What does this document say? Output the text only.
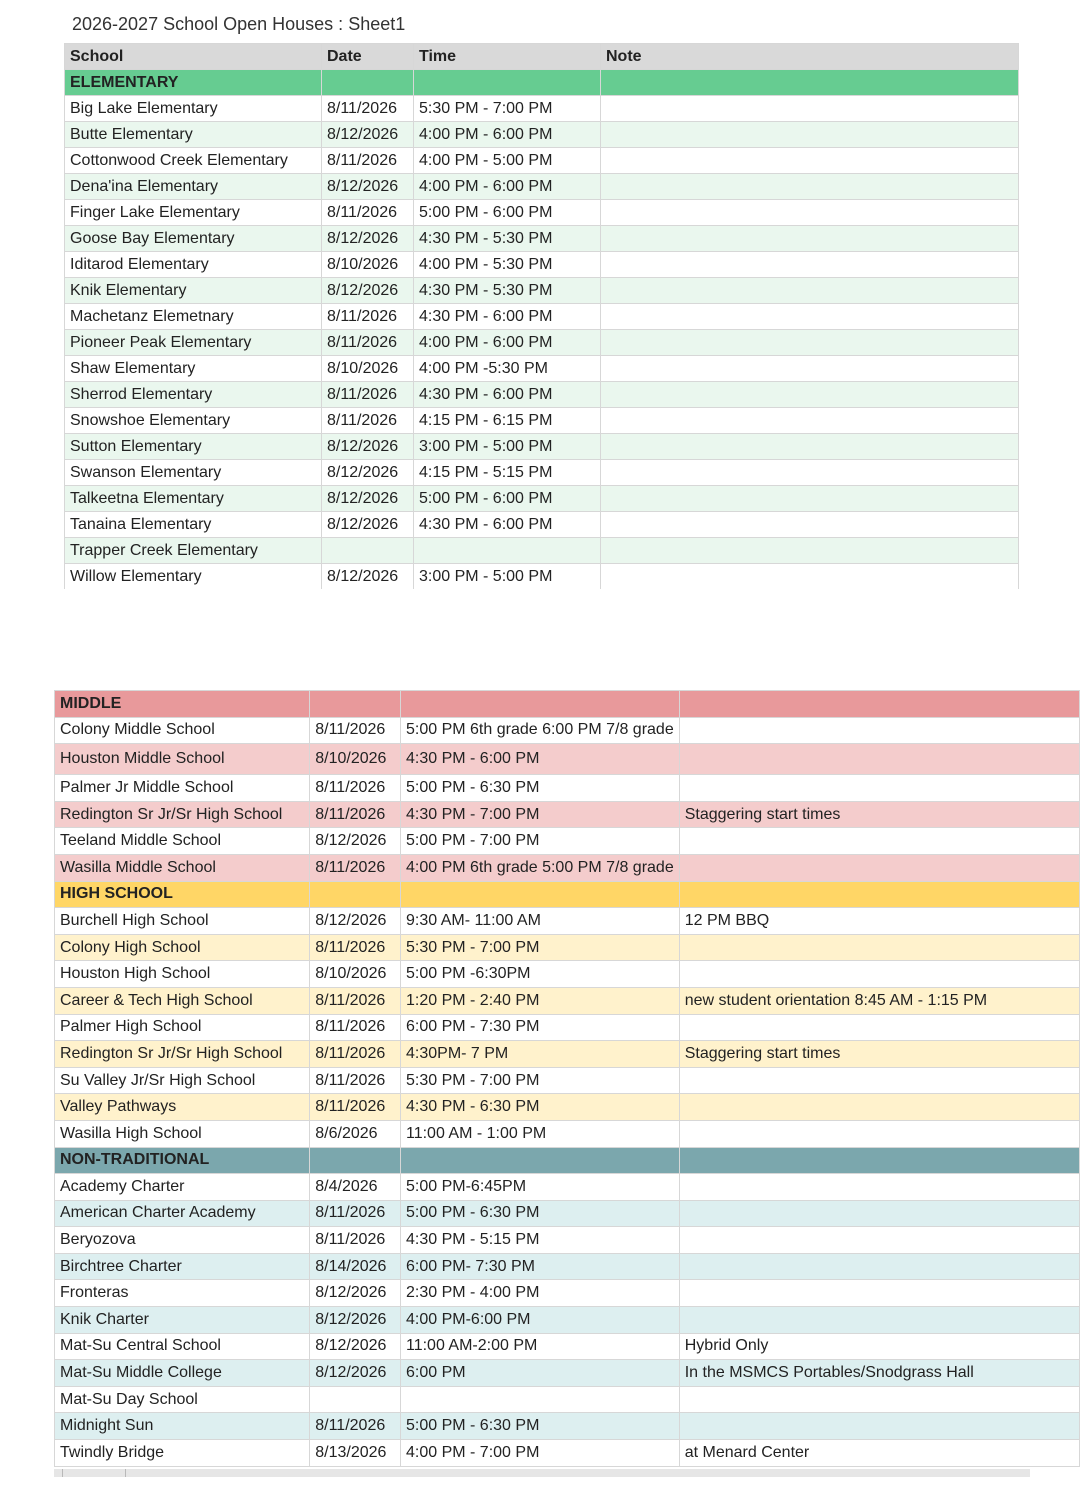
2026-2027 School Open Houses : Sheet1
School	Date	Time	Note
ELEMENTARY			
Big Lake Elementary	8/11/2026	5:30 PM - 7:00 PM	
Butte Elementary	8/12/2026	4:00 PM - 6:00 PM	
Cottonwood Creek Elementary	8/11/2026	4:00 PM - 5:00 PM	
Dena'ina Elementary	8/12/2026	4:00 PM - 6:00 PM	
Finger Lake Elementary	8/11/2026	5:00 PM - 6:00 PM	
Goose Bay Elementary	8/12/2026	4:30 PM - 5:30 PM	
Iditarod Elementary	8/10/2026	4:00 PM - 5:30 PM	
Knik Elementary	8/12/2026	4:30 PM - 5:30 PM	
Machetanz Elemetnary	8/11/2026	4:30 PM - 6:00 PM	
Pioneer Peak Elementary	8/11/2026	4:00 PM - 6:00 PM	
Shaw Elementary	8/10/2026	4:00 PM -5:30 PM	
Sherrod Elementary	8/11/2026	4:30 PM - 6:00 PM	
Snowshoe Elementary	8/11/2026	4:15 PM - 6:15 PM	
Sutton Elementary	8/12/2026	3:00 PM - 5:00 PM	
Swanson Elementary	8/12/2026	4:15 PM - 5:15 PM	
Talkeetna Elementary	8/12/2026	5:00 PM - 6:00 PM	
Tanaina Elementary	8/12/2026	4:30 PM - 6:00 PM	
Trapper Creek Elementary			
Willow Elementary	8/12/2026	3:00 PM - 5:00 PM	
MIDDLE			
Colony Middle School	8/11/2026	5:00 PM 6th grade 6:00 PM 7/8 grade	
Houston Middle School	8/10/2026	4:30 PM - 6:00 PM	
Palmer Jr Middle School	8/11/2026	5:00 PM - 6:30 PM	
Redington Sr Jr/Sr High School	8/11/2026	4:30 PM - 7:00 PM	Staggering start times
Teeland Middle School	8/12/2026	5:00 PM - 7:00 PM	
Wasilla Middle School	8/11/2026	4:00 PM 6th grade 5:00 PM 7/8 grade	
HIGH SCHOOL			
Burchell High School	8/12/2026	9:30 AM- 11:00 AM	12 PM BBQ
Colony High School	8/11/2026	5:30 PM - 7:00 PM	
Houston High School	8/10/2026	5:00 PM -6:30PM	
Career & Tech High School	8/11/2026	1:20 PM - 2:40 PM	new student orientation 8:45 AM - 1:15 PM
Palmer High School	8/11/2026	6:00 PM - 7:30 PM	
Redington Sr Jr/Sr High School	8/11/2026	4:30PM- 7 PM	Staggering start times
Su Valley Jr/Sr High School	8/11/2026	5:30 PM - 7:00 PM	
Valley Pathways	8/11/2026	4:30 PM - 6:30 PM	
Wasilla High School	8/6/2026	11:00 AM - 1:00 PM	
NON-TRADITIONAL			
Academy Charter	8/4/2026	5:00 PM-6:45PM	
American Charter Academy	8/11/2026	5:00 PM - 6:30 PM	
Beryozova	8/11/2026	4:30 PM - 5:15 PM	
Birchtree Charter	8/14/2026	6:00 PM- 7:30 PM	
Fronteras	8/12/2026	2:30 PM - 4:00 PM	
Knik Charter	8/12/2026	4:00 PM-6:00 PM	
Mat-Su Central School	8/12/2026	11:00 AM-2:00 PM	Hybrid Only
Mat-Su Middle College	8/12/2026	6:00 PM	In the MSMCS Portables/Snodgrass Hall
Mat-Su Day School			
Midnight Sun	8/11/2026	5:00 PM - 6:30 PM	
Twindly Bridge	8/13/2026	4:00 PM - 7:00 PM	at Menard Center
